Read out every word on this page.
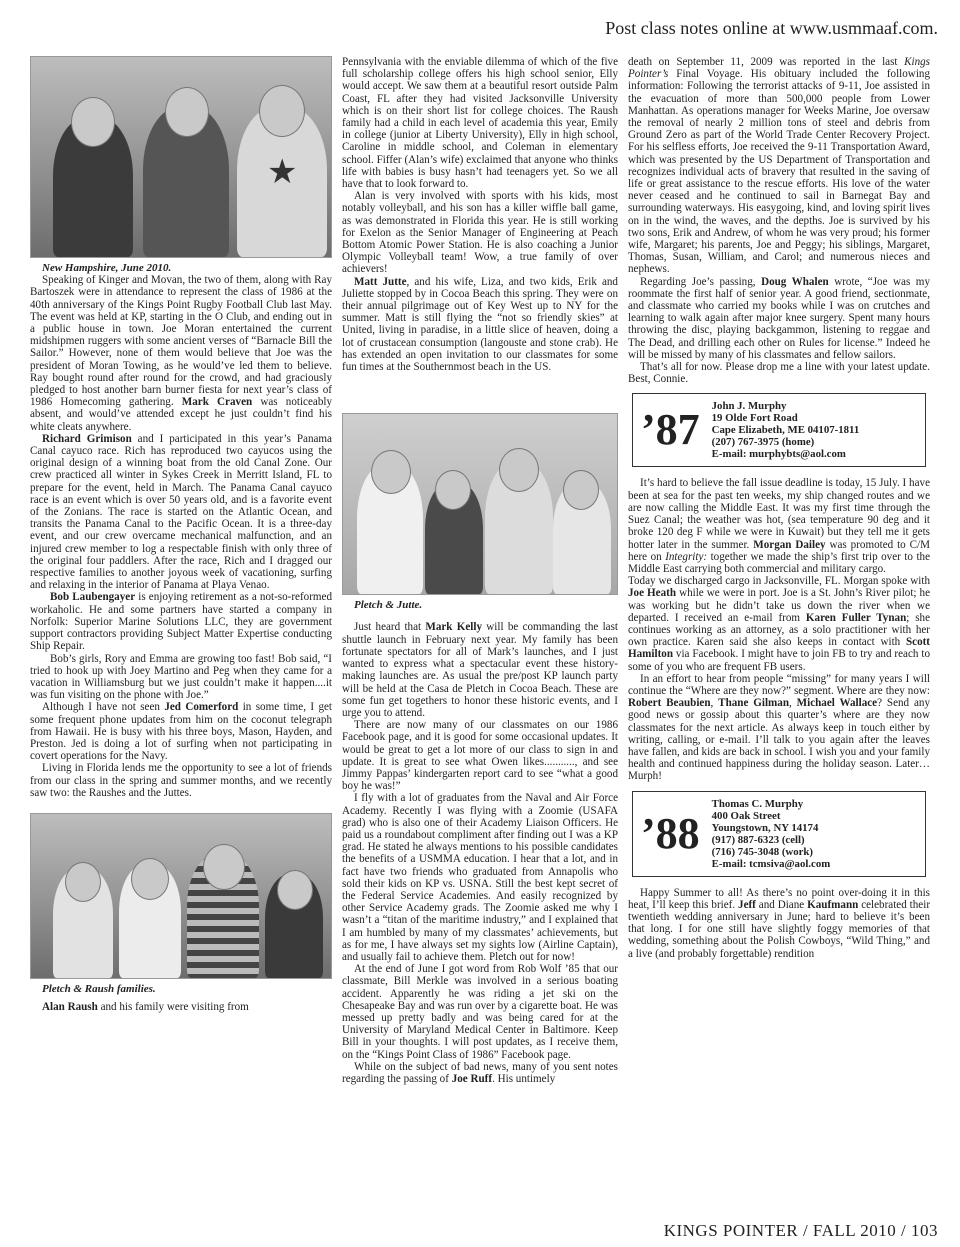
Post class notes online at www.usmmaaf.com.
★

New Hampshire, June 2010.

Speaking of Kinger and Movan, the two of them, along with Ray Bartoszek were in attendance to represent the class of 1986 at the 40th anniversary of the Kings Point Rugby Football Club last May. The event was held at KP, starting in the O Club, and ending out in a public house in town. Joe Moran entertained the current midshipmen ruggers with some ancient verses of “Barnacle Bill the Sailor.” However, none of them would believe that Joe was the president of Moran Towing, as he would’ve led them to believe. Ray bought round after round for the crowd, and had graciously pledged to host another barn burner fiesta for next year’s class of 1986 Homecoming gathering. Mark Craven was noticeably absent, and would’ve attended except he just couldn’t find his white cleats anywhere.

Richard Grimison and I participated in this year’s Panama Canal cayuco race. Rich has reproduced two cayucos using the original design of a winning boat from the old Canal Zone. Our crew practiced all winter in Sykes Creek in Merritt Island, FL to prepare for the event, held in March. The Panama Canal cayuco race is an event which is over 50 years old, and is a favorite event of the Zonians. The race is started on the Atlantic Ocean, and transits the Panama Canal to the Pacific Ocean. It is a three-day event, and our crew overcame mechanical malfunction, and an injured crew member to log a respectable finish with only three of the original four paddlers. After the race, Rich and I dragged our respective families to another joyous week of vacationing, surfing and relaxing in the interior of Panama at Playa Venao.

Bob Laubengayer is enjoying retirement as a not-so-reformed workaholic. He and some partners have started a company in Norfolk: Superior Marine Solutions LLC, they are government support contractors providing Subject Matter Expertise conducting Ship Repair.

Bob’s girls, Rory and Emma are growing too fast! Bob said, “I tried to hook up with Joey Martino and Peg when they came for a vacation in Williamsburg but we just couldn’t make it happen....it was fun visiting on the phone with Joe.”

Although I have not seen Jed Comerford in some time, I get some frequent phone updates from him on the coconut telegraph from Hawaii. He is busy with his three boys, Mason, Hayden, and Preston. Jed is doing a lot of surfing when not participating in covert operations for the Navy.

Living in Florida lends me the opportunity to see a lot of friends from our class in the spring and summer months, and we recently saw two: the Raushes and the Juttes.

Pletch & Raush families.

Alan Raush and his family were visiting from

Pennsylvania with the enviable dilemma of which of the five full scholarship college offers his high school senior, Elly would accept. We saw them at a beautiful resort outside Palm Coast, FL after they had visited Jacksonville University which is on their short list for college choices. The Raush family had a child in each level of academia this year, Emily in college (junior at Liberty University), Elly in high school, Caroline in middle school, and Coleman in elementary school. Fiffer (Alan’s wife) exclaimed that anyone who thinks life with babies is busy hasn’t had teenagers yet. So we all have that to look forward to.

Alan is very involved with sports with his kids, most notably volleyball, and his son has a killer wiffle ball game, as was demonstrated in Florida this year. He is still working for Exelon as the Senior Manager of Engineering at Peach Bottom Atomic Power Station. He is also coaching a Junior Olympic Volleyball team! Wow, a true family of over achievers!

Matt Jutte, and his wife, Liza, and two kids, Erik and Juliette stopped by in Cocoa Beach this spring. They were on their annual pilgrimage out of Key West up to NY for the summer. Matt is still flying the “not so friendly skies” at United, living in paradise, in a little slice of heaven, doing a lot of crustacean consumption (langouste and stone crab). He has extended an open invitation to our classmates for some fun times at the Southernmost beach in the US.

Pletch & Jutte.

Just heard that Mark Kelly will be commanding the last shuttle launch in February next year. My family has been fortunate spectators for all of Mark’s launches, and I just wanted to express what a spectacular event these history-making launches are. As usual the pre/post KP launch party will be held at the Casa de Pletch in Cocoa Beach. These are some fun get togethers to honor these historic events, and I urge you to attend.

There are now many of our classmates on our 1986 Facebook page, and it is good for some occasional updates. It would be great to get a lot more of our class to sign in and update. It is great to see what Owen likes..........., and see Jimmy Pappas’ kindergarten report card to see “what a good boy he was!”

I fly with a lot of graduates from the Naval and Air Force Academy. Recently I was flying with a Zoomie (USAFA grad) who is also one of their Academy Liaison Officers. He paid us a roundabout compliment after finding out I was a KP grad. He stated he always mentions to his possible candidates the benefits of a USMMA education. I hear that a lot, and in fact have two friends who graduated from Annapolis who sold their kids on KP vs. USNA. Still the best kept secret of the Federal Service Academies. And easily recognized by other Service Academy grads. The Zoomie asked me why I wasn’t a “titan of the maritime industry,” and I explained that I am humbled by many of my classmates’ achievements, but as for me, I have always set my sights low (Airline Captain), and usually fail to achieve them. Pletch out for now!

At the end of June I got word from Rob Wolf ’85 that our classmate, Bill Merkle was involved in a serious boating accident. Apparently he was riding a jet ski on the Chesapeake Bay and was run over by a cigarette boat. He was messed up pretty badly and was being cared for at the University of Maryland Medical Center in Baltimore. Keep Bill in your thoughts. I will post updates, as I receive them, on the “Kings Point Class of 1986” Facebook page.

While on the subject of bad news, many of you sent notes regarding the passing of Joe Ruff. His untimely

death on September 11, 2009 was reported in the last Kings Pointer’s Final Voyage. His obituary included the following information: Following the terrorist attacks of 9-11, Joe assisted in the evacuation of more than 500,000 people from Lower Manhattan. As operations manager for Weeks Marine, Joe oversaw the removal of nearly 2 million tons of steel and debris from Ground Zero as part of the World Trade Center Recovery Project. For his selfless efforts, Joe received the 9-11 Transportation Award, which was presented by the US Department of Transportation and recognizes individual acts of bravery that resulted in the saving of life or great assistance to the rescue efforts. His love of the water never ceased and he continued to sail in Barnegat Bay and surrounding waterways. His easygoing, kind, and loving spirit lives on in the wind, the waves, and the depths. Joe is survived by his two sons, Erik and Andrew, of whom he was very proud; his former wife, Margaret; his parents, Joe and Peggy; his siblings, Margaret, Thomas, Susan, William, and Carol; and numerous nieces and nephews.

Regarding Joe’s passing, Doug Whalen wrote, “Joe was my roommate the first half of senior year. A good friend, sectionmate, and classmate who carried my books while I was on crutches and learning to walk again after major knee surgery. Spent many hours throwing the disc, playing backgammon, listening to reggae and The Dead, and drilling each other on Rules for license.” Indeed he will be missed by many of his classmates and fellow sailors.

That’s all for now. Please drop me a line with your latest update. Best, Connie.

’87 John J. Murphy
19 Olde Fort Road
Cape Elizabeth, ME 04107-1811
(207) 767-3975 (home)
E-mail: murphybts@aol.com

It’s hard to believe the fall issue deadline is today, 15 July. I have been at sea for the past ten weeks, my ship changed routes and we are now calling the Middle East. It was my first time through the Suez Canal; the weather was hot, (sea temperature 90 deg and it broke 120 deg F while we were in Kuwait) but they tell me it gets hotter later in the summer. Morgan Dailey was promoted to C/M here on Integrity: together we made the ship’s first trip over to the Middle East carrying both commercial and military cargo.

Today we discharged cargo in Jacksonville, FL. Morgan spoke with Joe Heath while we were in port. Joe is a St. John’s River pilot; he was working but he didn’t take us down the river when we departed. I received an e-mail from Karen Fuller Tynan; she continues working as an attorney, as a solo practitioner with her own practice. Karen said she also keeps in contact with Scott Hamilton via Facebook. I might have to join FB to try and reach to some of you who are frequent FB users.

In an effort to hear from people “missing” for many years I will continue the “Where are they now?” segment. Where are they now: Robert Beaubien, Thane Gilman, Michael Wallace? Send any good news or gossip about this quarter’s where are they now classmates for the next article. As always keep in touch either by writing, calling, or e-mail. I’ll talk to you again after the leaves have fallen, and kids are back in school. I wish you and your family health and continued happiness during the holiday season. Later…Murph!

’88
Thomas C. Murphy
400 Oak Street
Youngstown, NY 14174
(917) 887-6323 (cell)
(716) 745-3048 (work)
E-mail: tcmsiva@aol.com

Happy Summer to all! As there’s no point over-doing it in this heat, I’ll keep this brief. Jeff and Diane Kaufmann celebrated their twentieth wedding anniversary in June; hard to believe it’s been that long. I for one still have slightly foggy memories of that wedding, something about the Polish Cowboys, “Wild Thing,” and a live (and probably forgettable) rendition

KINGS POINTER / FALL 2010 / 103
